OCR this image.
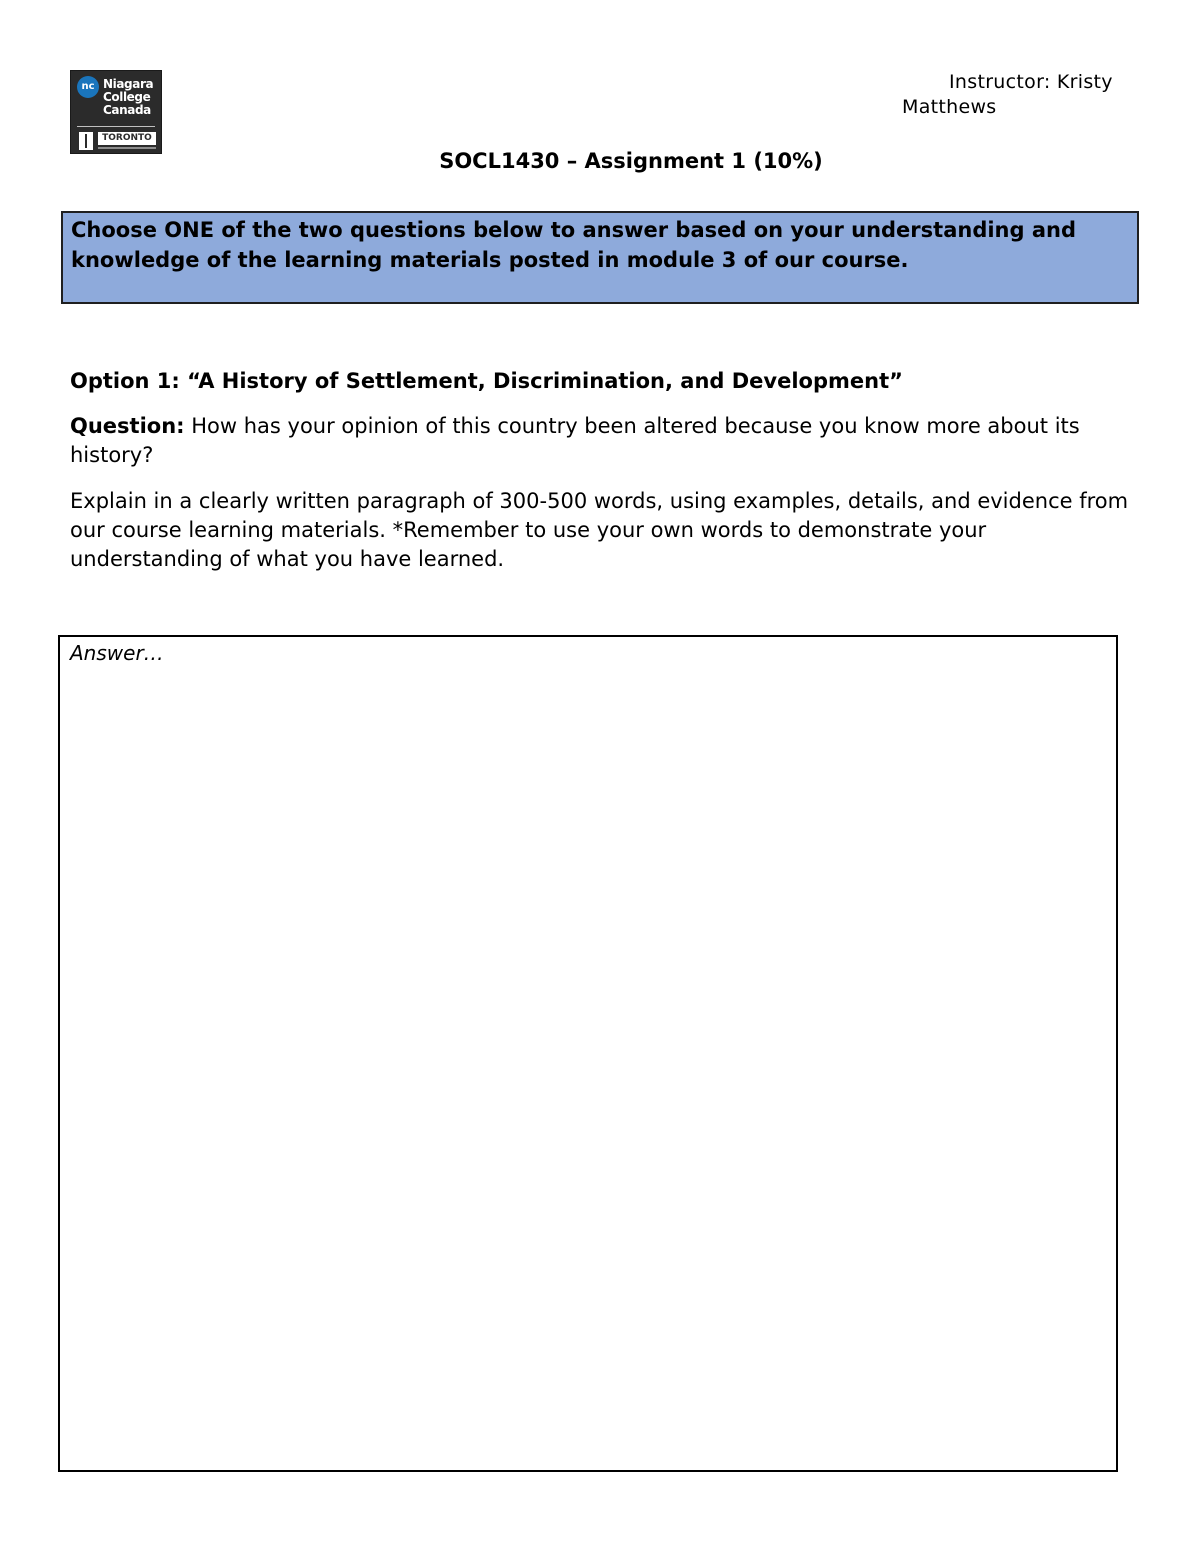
nc Niagara
College
Canada
TORONTO
Instructor: Kristy
Matthews
SOCL1430 – Assignment 1 (10%)
Choose ONE of the two questions below to answer based on your understanding and knowledge of the learning materials posted in module 3 of our course.
Option 1: “A History of Settlement, Discrimination, and Development”
Question: How has your opinion of this country been altered because you know more about its history?
Explain in a clearly written paragraph of 300-500 words, using examples, details, and evidence from our course learning materials. *Remember to use your own words to demonstrate your understanding of what you have learned.
Answer…
